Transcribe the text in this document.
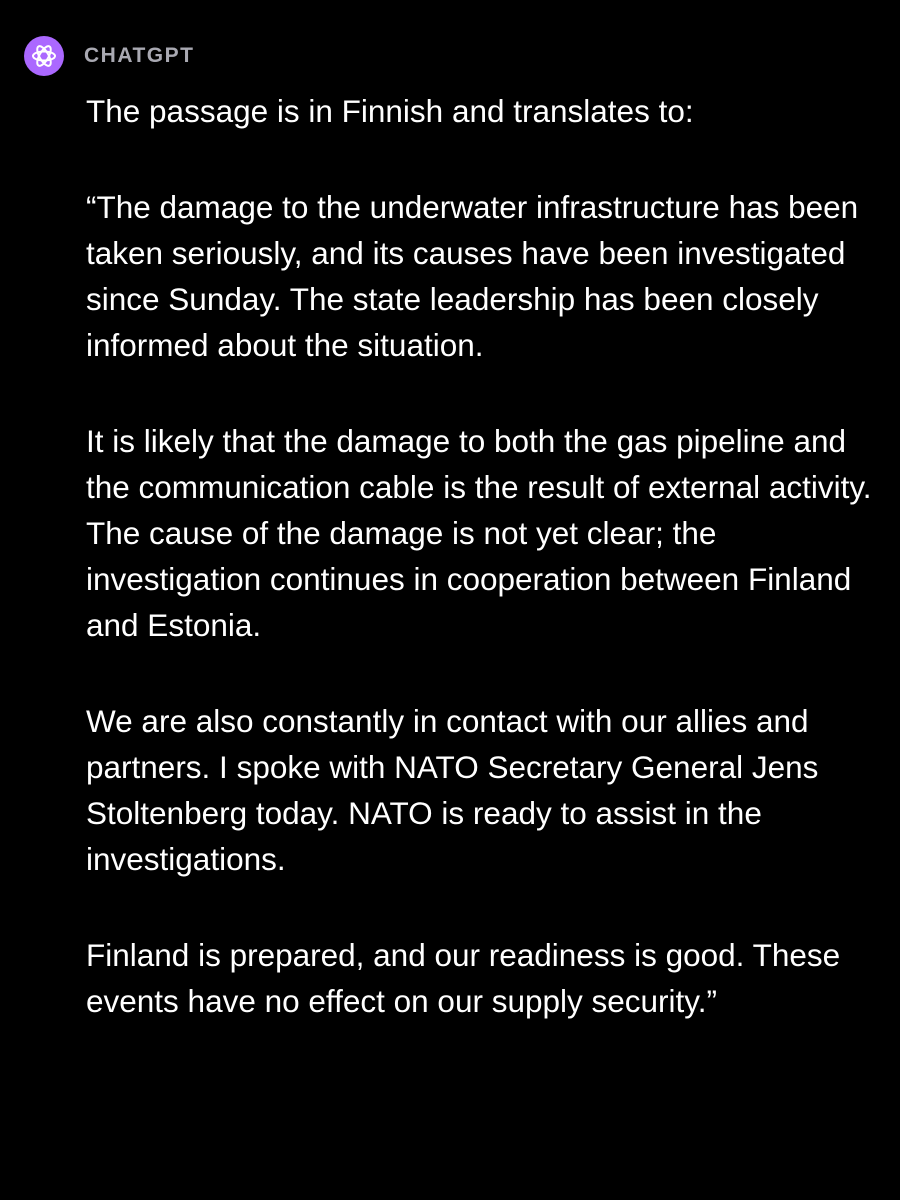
CHATGPT

The passage is in Finnish and translates to:

“The damage to the underwater infrastructure has been taken seriously, and its causes have been investigated since Sunday. The state leadership has been closely informed about the situation.

It is likely that the damage to both the gas pipeline and the communication cable is the result of external activity. The cause of the damage is not yet clear; the investigation continues in cooperation between Finland and Estonia.

We are also constantly in contact with our allies and partners. I spoke with NATO Secretary General Jens Stoltenberg today. NATO is ready to assist in the investigations.

Finland is prepared, and our readiness is good. These events have no effect on our supply security.”
